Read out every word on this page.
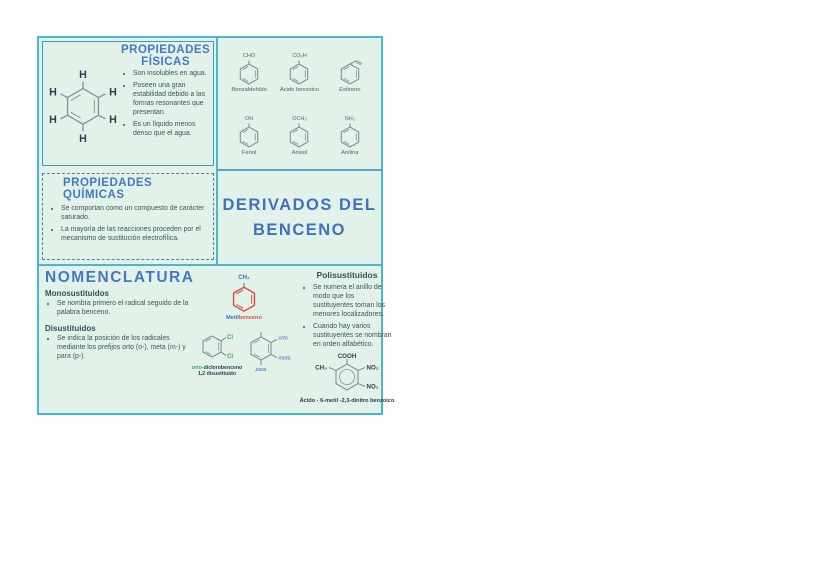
H
H
H
H
H
H
PROPIEDADES FÍSICAS
• Son insolubles en agua.
• Poseen una gran estabilidad debido a las formas resonantes que presentan.
• Es un líquido menos denso que el agua.
CHO
Benzaldehído
CO₂H
Ácido benzoico	Estireno
OH
Fenol
OCH₃
Anisol
NH₂
Anilina
PROPIEDADES QUÍMICAS
• Se comportan como un compuesto de carácter saturado.
• La mayoría de las reacciones proceden por el mecanismo de sustitución electrofílica.
DERIVADOS DEL
BENCENO
NOMENCLATURA
Monosustituidos
• Se nombra primero el radical seguido de la palabra benceno.
Disustituidos
• Se indica la posición de los radicales mediante los prefijos orto (o-), meta (m-) y para (p-).
CH₃
Metilbenceno
Cl
Cl
orto-diclorobenceno
1,2 disustituido
orto
meta
para
Polisustituidos
• Se numera el anillo de modo que los sustituyentes toman los menores localizadores.
• Cuando hay varios sustituyentes se nombran en orden alfabético.
COOH
CH₃	NO₂
NO₂
Ácido - 6-metil -2,3-dinitro benzoico
